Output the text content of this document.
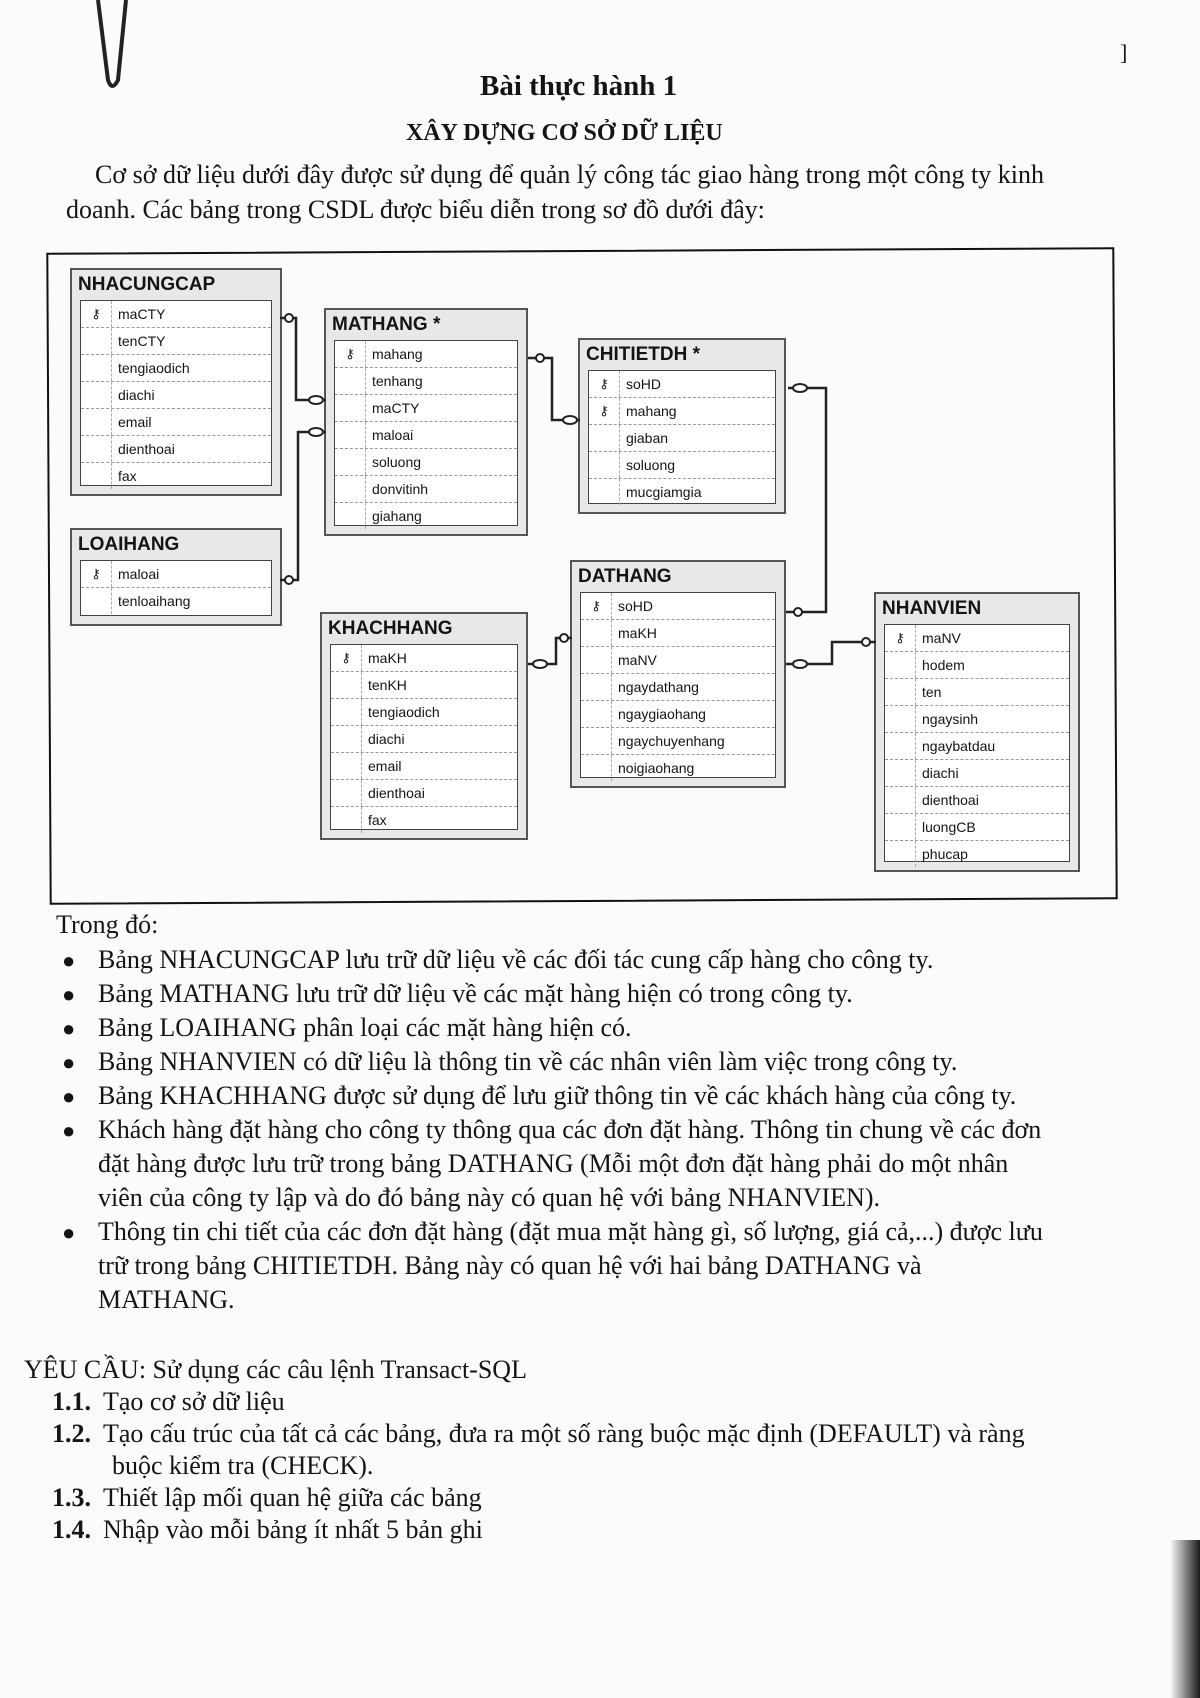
]
Bài thực hành 1
XÂY DỰNG CƠ SỞ DỮ LIỆU
Cơ sở dữ liệu dưới đây được sử dụng để quản lý công tác giao hàng trong một công ty kinh
doanh. Các bảng trong CSDL được biểu diễn trong sơ đồ dưới đây:
NHACUNGCAP
⚷	maCTY
tenCTY
tengiaodich
diachi
email
dienthoai
fax
MATHANG *
⚷	mahang
tenhang
maCTY
maloai
soluong
donvitinh
giahang
CHITIETDH *
⚷	soHD
⚷	mahang
giaban
soluong
mucgiamgia
LOAIHANG
⚷	maloai
tenloaihang
KHACHHANG
⚷	maKH
tenKH
tengiaodich
diachi
email
dienthoai
fax
DATHANG
⚷	soHD
maKH
maNV
ngaydathang
ngaygiaohang
ngaychuyenhang
noigiaohang
NHANVIEN
⚷	maNV
hodem
ten
ngaysinh
ngaybatdau
diachi
dienthoai
luongCB
phucap
Trong đó:
● Bảng NHACUNGCAP lưu trữ dữ liệu về các đối tác cung cấp hàng cho công ty.
● Bảng MATHANG lưu trữ dữ liệu về các mặt hàng hiện có trong công ty.
● Bảng LOAIHANG phân loại các mặt hàng hiện có.
● Bảng NHANVIEN có dữ liệu là thông tin về các nhân viên làm việc trong công ty.
● Bảng KHACHHANG được sử dụng để lưu giữ thông tin về các khách hàng của công ty.
● Khách hàng đặt hàng cho công ty thông qua các đơn đặt hàng. Thông tin chung về các đơn
đặt hàng được lưu trữ trong bảng DATHANG (Mỗi một đơn đặt hàng phải do một nhân
viên của công ty lập và do đó bảng này có quan hệ với bảng NHANVIEN).
● Thông tin chi tiết của các đơn đặt hàng (đặt mua mặt hàng gì, số lượng, giá cả,...) được lưu
trữ trong bảng CHITIETDH. Bảng này có quan hệ với hai bảng DATHANG và
MATHANG.
YÊU CẦU: Sử dụng các câu lệnh Transact-SQL
1.1. Tạo cơ sở dữ liệu
1.2. Tạo cấu trúc của tất cả các bảng, đưa ra một số ràng buộc mặc định (DEFAULT) và ràng
buộc kiểm tra (CHECK).
1.3. Thiết lập mối quan hệ giữa các bảng
1.4. Nhập vào mỗi bảng ít nhất 5 bản ghi
